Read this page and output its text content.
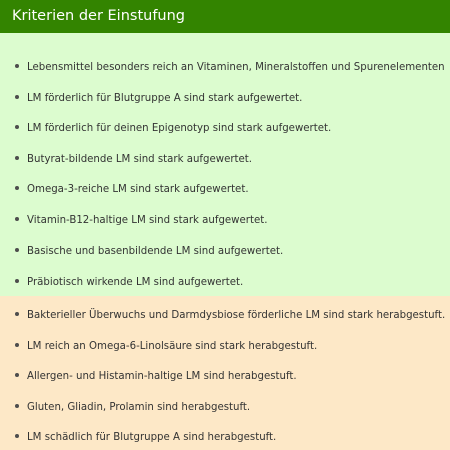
Kriterien der Einstufung
Lebensmittel besonders reich an Vitaminen, Mineralstoffen und Spurenelementen
LM förderlich für Blutgruppe A sind stark aufgewertet.
LM förderlich für deinen Epigenotyp sind stark aufgewertet.
Butyrat-bildende LM sind stark aufgewertet.
Omega-3-reiche LM sind stark aufgewertet.
Vitamin-B12-haltige LM sind stark aufgewertet.
Basische und basenbildende LM sind aufgewertet.
Präbiotisch wirkende LM sind aufgewertet.
Bakterieller Überwuchs und Darmdysbiose förderliche LM sind stark herabgestuft.
LM reich an Omega-6-Linolsäure sind stark herabgestuft.
Allergen- und Histamin-haltige LM sind herabgestuft.
Gluten, Gliadin, Prolamin sind herabgestuft.
LM schädlich für Blutgruppe A sind herabgestuft.
